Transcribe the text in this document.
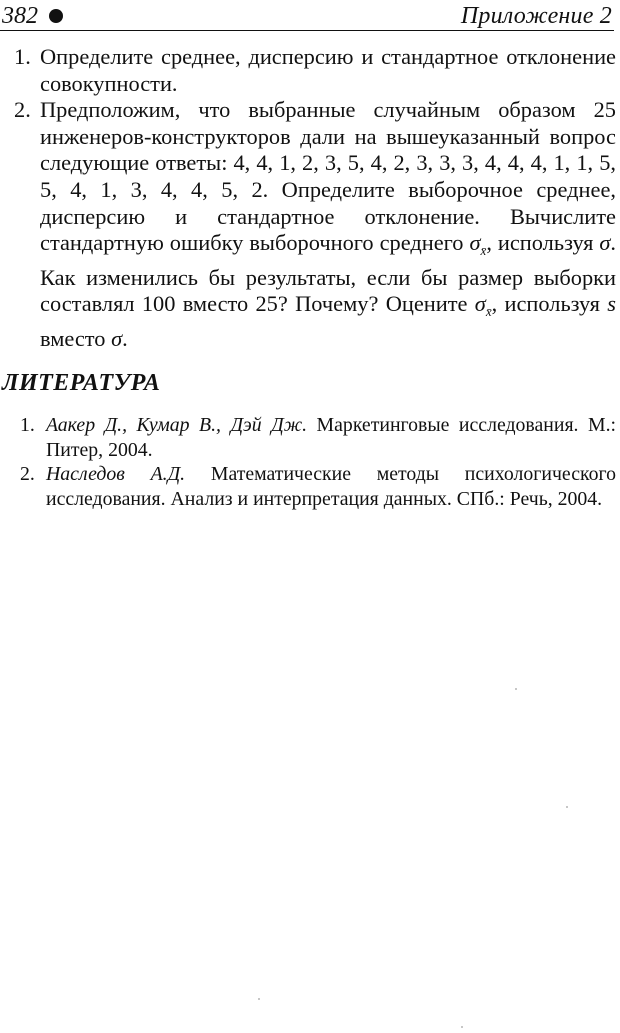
382	Приложение 2
1. Определите среднее, дисперсию и стандартное отклонение совокупности.
2. Предположим, что выбранные случайным образом 25 инженеров-конструкторов дали на вышеуказанный вопрос следующие ответы: 4, 4, 1, 2, 3, 5, 4, 2, 3, 3, 3, 4, 4, 4, 1, 1, 5, 5, 4, 1, 3, 4, 4, 5, 2. Определите выборочное среднее, дисперсию и стандартное отклонение. Вычислите стандартную ошибку выборочного среднего $\sigma_{x̄}$, используя σ. Как изменились бы результаты, если бы размер выборки составлял 100 вместо 25? Почему? Оцените $\sigma_{x̄}$, используя s вместо σ.
ЛИТЕРАТУРА
1. Аакер Д., Кумар В., Дэй Дж. Маркетинговые исследования. М.: Питер, 2004.
2. Наследов А.Д. Математические методы психологического исследования. Анализ и интерпретация данных. СПб.: Речь, 2004.
